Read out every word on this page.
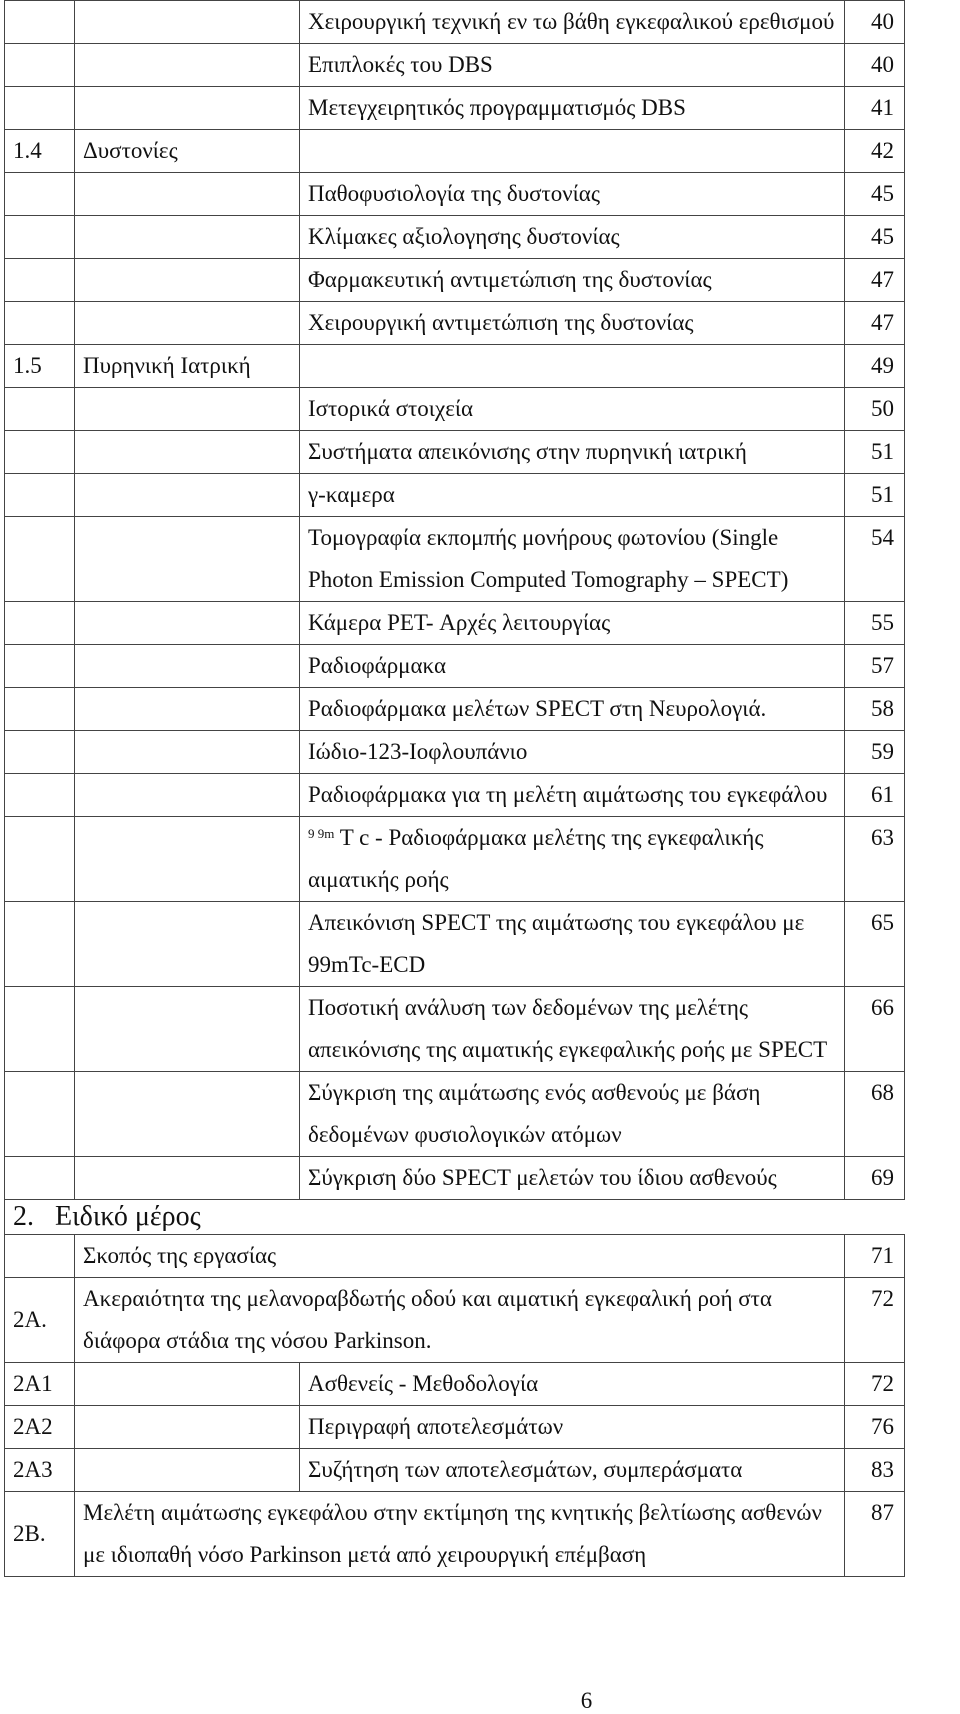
		Χειρουργική τεχνική εν τω βάθη εγκεφαλικού ερεθισμού	40
		Επιπλοκές του DBS	40
		Μετεγχειρητικός προγραμματισμός DBS	41
1.4	Δυστονίες		42
		Παθοφυσιολογία της δυστονίας	45
		Κλίμακες αξιολογησης δυστονίας	45
		Φαρμακευτική αντιμετώπιση της δυστονίας	47
		Χειρουργική αντιμετώπιση της δυστονίας	47
1.5	Πυρηνική Ιατρική		49
		Ιστορικά στοιχεία	50
		Συστήματα απεικόνισης στην πυρηνική ιατρική	51
		γ-καμερα	51
		Τομογραφία εκπομπής μονήρους φωτονίου (Single Photon Emission Computed Tomography – SPECT)	54
		Κάμερα PET- Αρχές λειτουργίας	55
		Ραδιοφάρμακα	57
		Ραδιοφάρμακα μελέτων SPECT στη Νευρολογιά.	58
		Ιώδιο-123-Ιοφλουπάνιο	59
		Ραδιοφάρμακα για τη μελέτη αιμάτωσης του εγκεφάλου	61
		$^{9 9m}$ T c - Ραδιοφάρμακα μελέτης της εγκεφαλικής αιματικής ροής	63
		Απεικόνιση SPECT της αιμάτωσης του εγκεφάλου με 99mTc-ECD	65
		Ποσοτική ανάλυση των δεδομένων της μελέτης απεικόνισης της αιματικής εγκεφαλικής ροής με SPECT	66
		Σύγκριση της αιμάτωσης ενός ασθενούς με βάση δεδομένων φυσιολογικών ατόμων	68
		Σύγκριση δύο SPECT μελετών του ίδιου ασθενούς	69
2.   Ειδικό μέρος			
	Σκοπός της εργασίας		71
2Α.	Ακεραιότητα της μελανοραβδωτής οδού και αιματική εγκεφαλική ροή στα διάφορα στάδια της νόσου Parkinson.		72
2Α1		Ασθενείς - Μεθοδολογία	72
2Α2		Περιγραφή αποτελεσμάτων	76
2Α3		Συζήτηση των αποτελεσμάτων, συμπεράσματα	83
2Β.	Μελέτη αιμάτωσης εγκεφάλου στην εκτίμηση της κνητικής βελτίωσης ασθενών με ιδιοπαθή νόσο Parkinson μετά από χειρουργική επέμβαση		87
6
